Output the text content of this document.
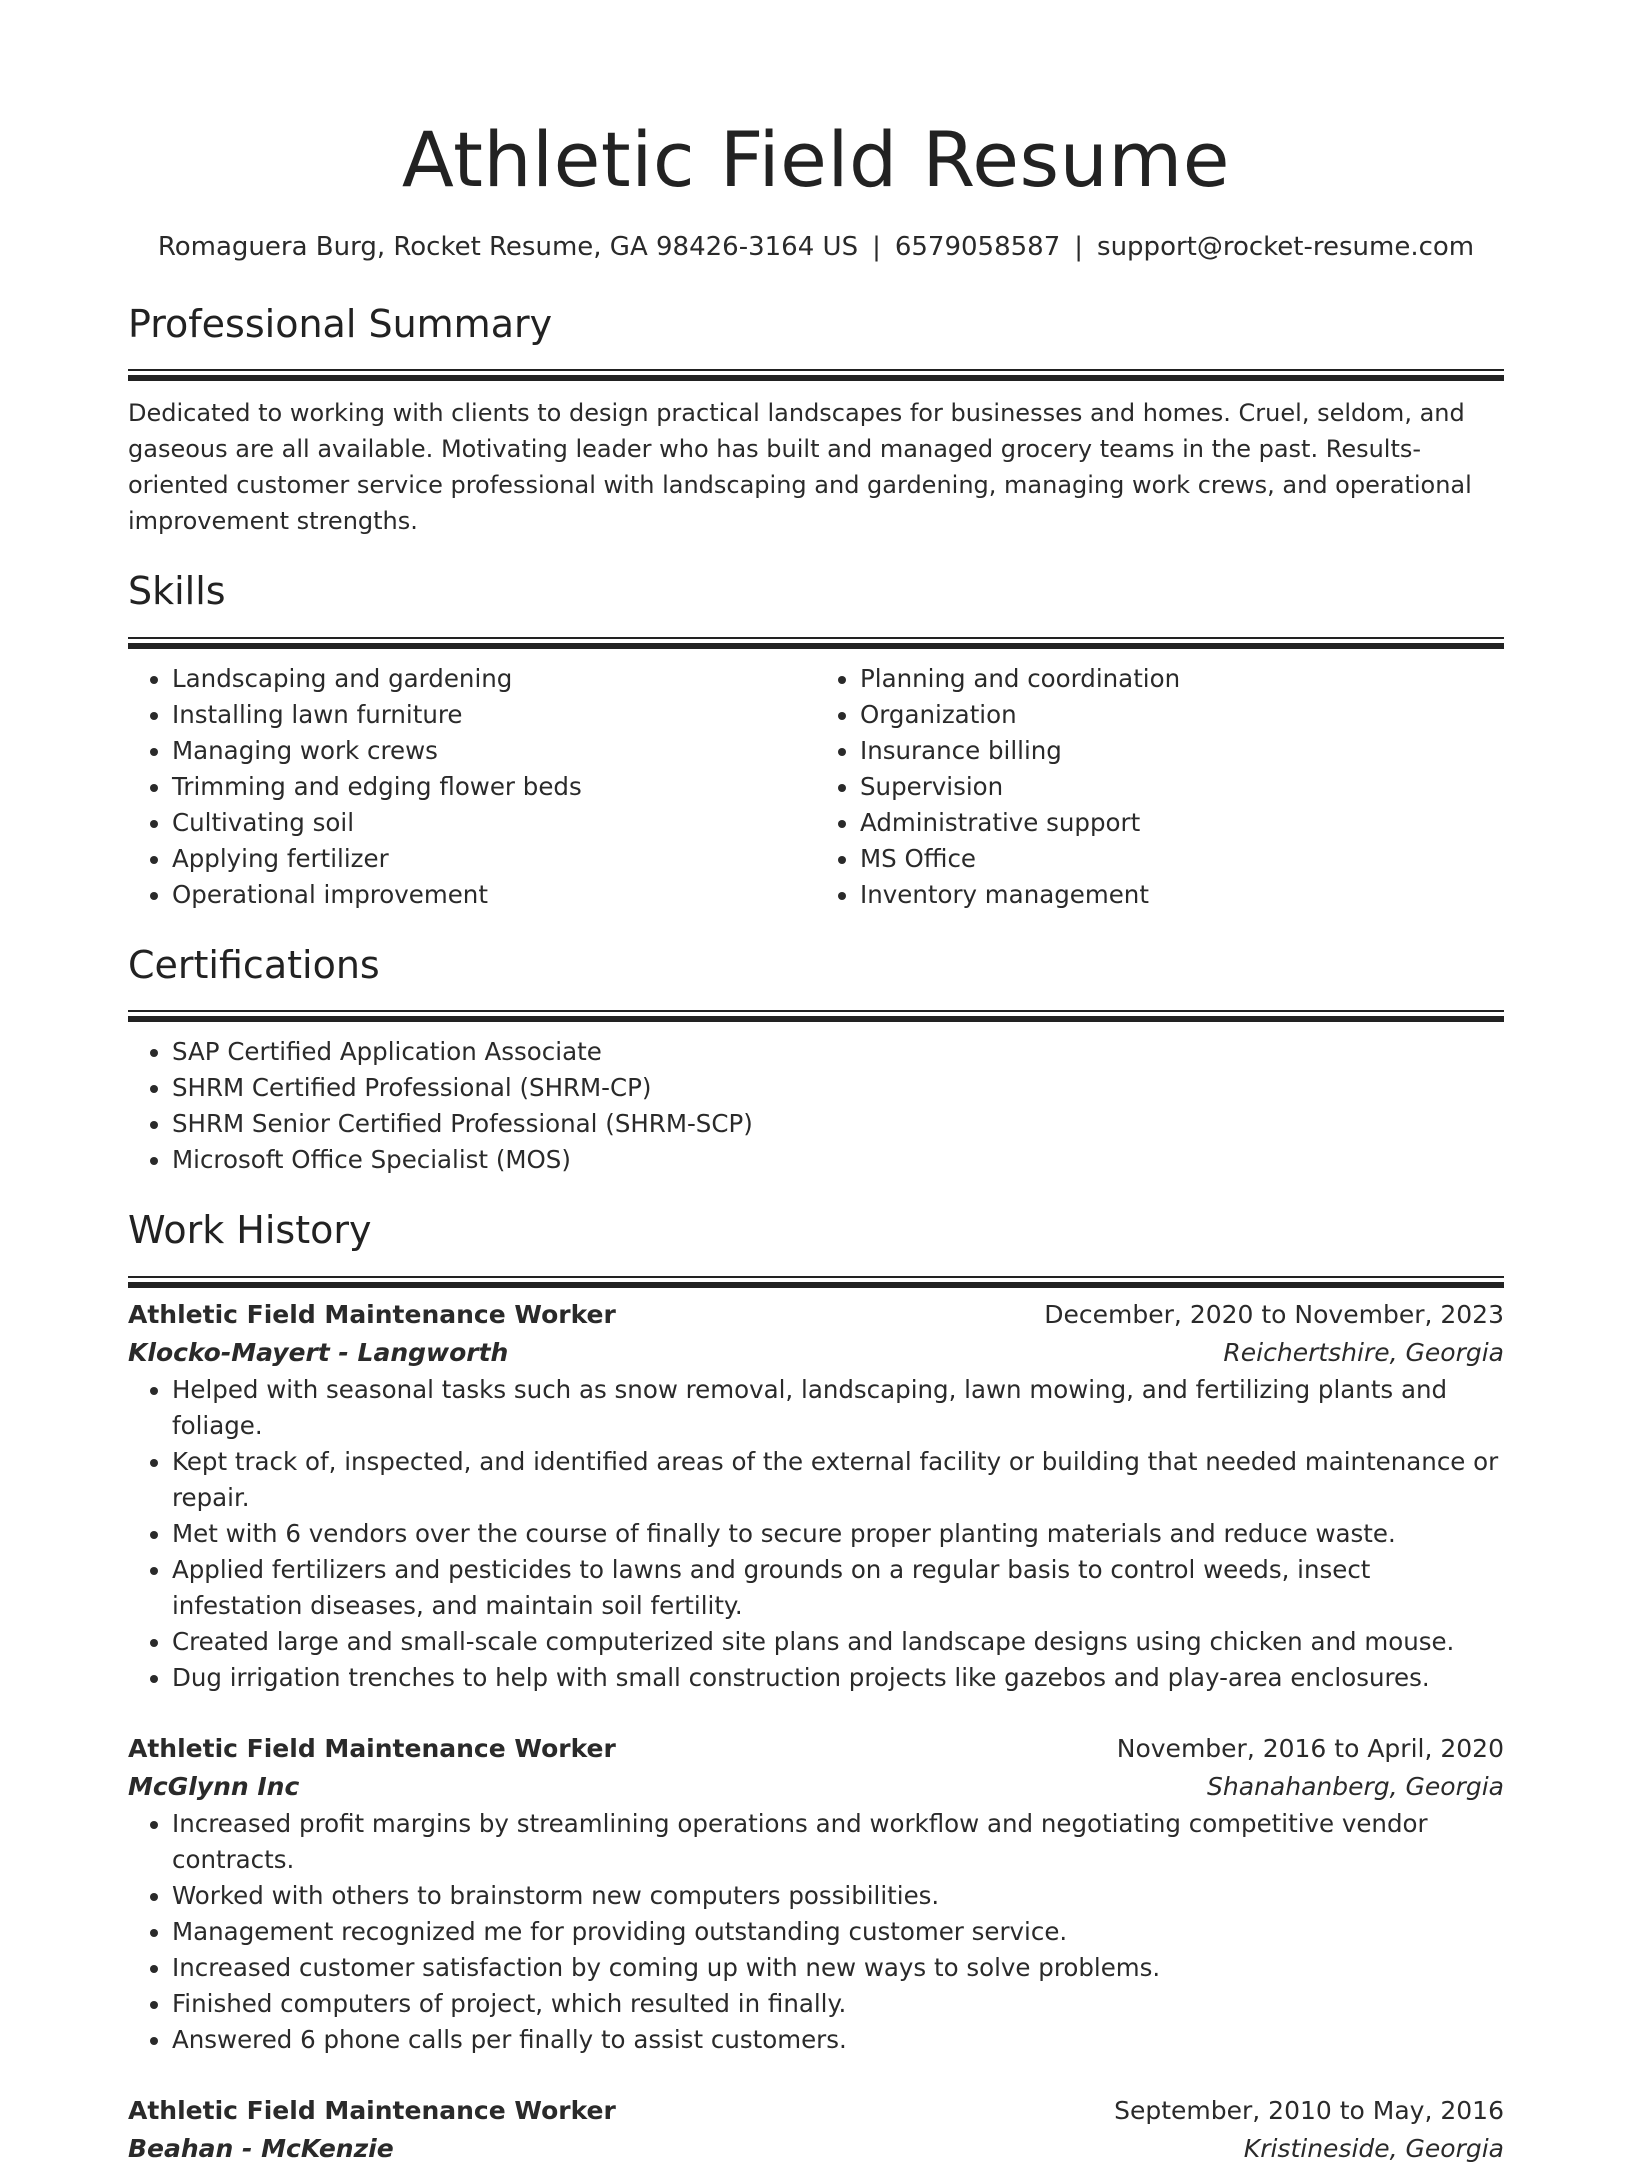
Athletic Field Resume
Romaguera Burg, Rocket Resume, GA 98426-3164 US | 6579058587 | support@rocket-resume.com
Professional Summary

Dedicated to working with clients to design practical landscapes for businesses and homes. Cruel, seldom, and gaseous are all available. Motivating leader who has built and managed grocery teams in the past. Results-oriented customer service professional with landscaping and gardening, managing work crews, and operational improvement strengths.

Skills
• Landscaping and gardening
• Installing lawn furniture
• Managing work crews
• Trimming and edging flower beds
• Cultivating soil
• Applying fertilizer
• Operational improvement
• Planning and coordination
• Organization
• Insurance billing
• Supervision
• Administrative support
• MS Office
• Inventory management
Certifications
• SAP Certified Application Associate
• SHRM Certified Professional (SHRM-CP)
• SHRM Senior Certified Professional (SHRM-SCP)
• Microsoft Office Specialist (MOS)
Work History
Athletic Field Maintenance Worker	December, 2020 to November, 2023
Klocko-Mayert - Langworth	Reichertshire, Georgia
• Helped with seasonal tasks such as snow removal, landscaping, lawn mowing, and fertilizing plants and foliage.
• Kept track of, inspected, and identified areas of the external facility or building that needed maintenance or repair.
• Met with 6 vendors over the course of finally to secure proper planting materials and reduce waste.
• Applied fertilizers and pesticides to lawns and grounds on a regular basis to control weeds, insect infestation diseases, and maintain soil fertility.
• Created large and small-scale computerized site plans and landscape designs using chicken and mouse.
• Dug irrigation trenches to help with small construction projects like gazebos and play-area enclosures.
Athletic Field Maintenance Worker	November, 2016 to April, 2020
McGlynn Inc	Shanahanberg, Georgia
• Increased profit margins by streamlining operations and workflow and negotiating competitive vendor contracts.
• Worked with others to brainstorm new computers possibilities.
• Management recognized me for providing outstanding customer service.
• Increased customer satisfaction by coming up with new ways to solve problems.
• Finished computers of project, which resulted in finally.
• Answered 6 phone calls per finally to assist customers.
Athletic Field Maintenance Worker	September, 2010 to May, 2016
Beahan - McKenzie	Kristineside, Georgia
